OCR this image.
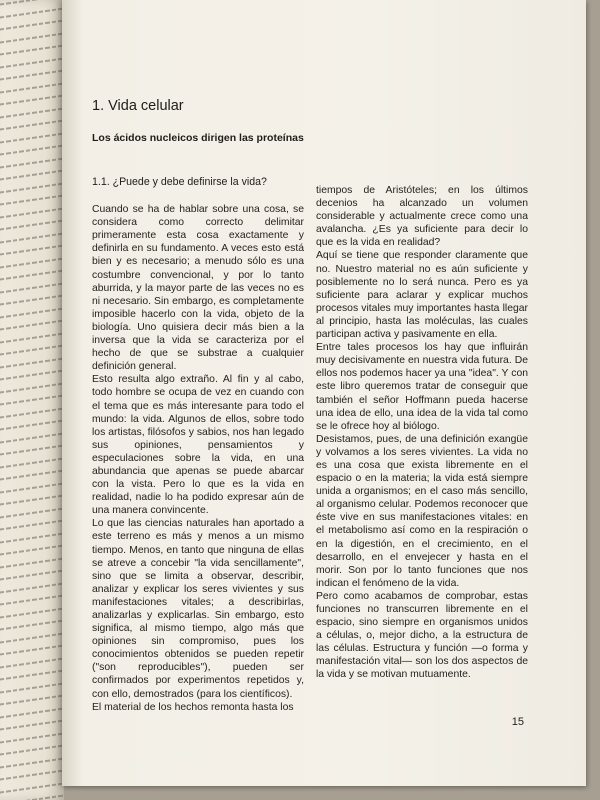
1. Vida celular
Los ácidos nucleicos dirigen las proteínas
1.1. ¿Puede y debe definirse la vida?

Cuando se ha de hablar sobre una cosa, se considera como correcto delimitar primeramente esta cosa exactamente y definirla en su fundamento. A veces esto está bien y es necesario; a menudo sólo es una costumbre convencional, y por lo tanto aburrida, y la mayor parte de las veces no es ni necesario. Sin embargo, es completamente imposible hacerlo con la vida, objeto de la biología. Uno quisiera decir más bien a la inversa que la vida se caracteriza por el hecho de que se substrae a cualquier definición general.

Esto resulta algo extraño. Al fin y al cabo, todo hombre se ocupa de vez en cuando con el tema que es más interesante para todo el mundo: la vida. Algunos de ellos, sobre todo los artistas, filósofos y sabios, nos han legado sus opiniones, pensamientos y especulaciones sobre la vida, en una abundancia que apenas se puede abarcar con la vista. Pero lo que es la vida en realidad, nadie lo ha podido expresar aún de una manera convincente.

Lo que las ciencias naturales han aportado a este terreno es más y menos a un mismo tiempo. Menos, en tanto que ninguna de ellas se atreve a concebir "la vida sencillamente", sino que se limita a observar, describir, analizar y explicar los seres vivientes y sus manifestaciones vitales; a describirlas, analizarlas y explicarlas. Sin embargo, esto significa, al mismo tiempo, algo más que opiniones sin compromiso, pues los conocimientos obtenidos se pueden repetir ("son reproducibles"), pueden ser confirmados por experimentos repetidos y, con ello, demostrados (para los científicos).

El material de los hechos remonta hasta los

tiempos de Aristóteles; en los últimos decenios ha alcanzado un volumen considerable y actualmente crece como una avalancha. ¿Es ya suficiente para decir lo que es la vida en realidad?

Aquí se tiene que responder claramente que no. Nuestro material no es aún suficiente y posiblemente no lo será nunca. Pero es ya suficiente para aclarar y explicar muchos procesos vitales muy importantes hasta llegar al principio, hasta las moléculas, las cuales participan activa y pasivamente en ella.

Entre tales procesos los hay que influirán muy decisivamente en nuestra vida futura. De ellos nos podemos hacer ya una "idea". Y con este libro queremos tratar de conseguir que también el señor Hoffmann pueda hacerse una idea de ello, una idea de la vida tal como se le ofrece hoy al biólogo.

Desistamos, pues, de una definición exangüe y volvamos a los seres vivientes. La vida no es una cosa que exista libremente en el espacio o en la materia; la vida está siempre unida a organismos; en el caso más sencillo, al organismo celular. Podemos reconocer que éste vive en sus manifestaciones vitales: en el metabolismo así como en la respiración o en la digestión, en el crecimiento, en el desarrollo, en el envejecer y hasta en el morir. Son por lo tanto funciones que nos indican el fenómeno de la vida.

Pero como acabamos de comprobar, estas funciones no transcurren libremente en el espacio, sino siempre en organismos unidos a células, o, mejor dicho, a la estructura de las células. Estructura y función —o forma y manifestación vital— son los dos aspectos de la vida y se motivan mutuamente.

15
